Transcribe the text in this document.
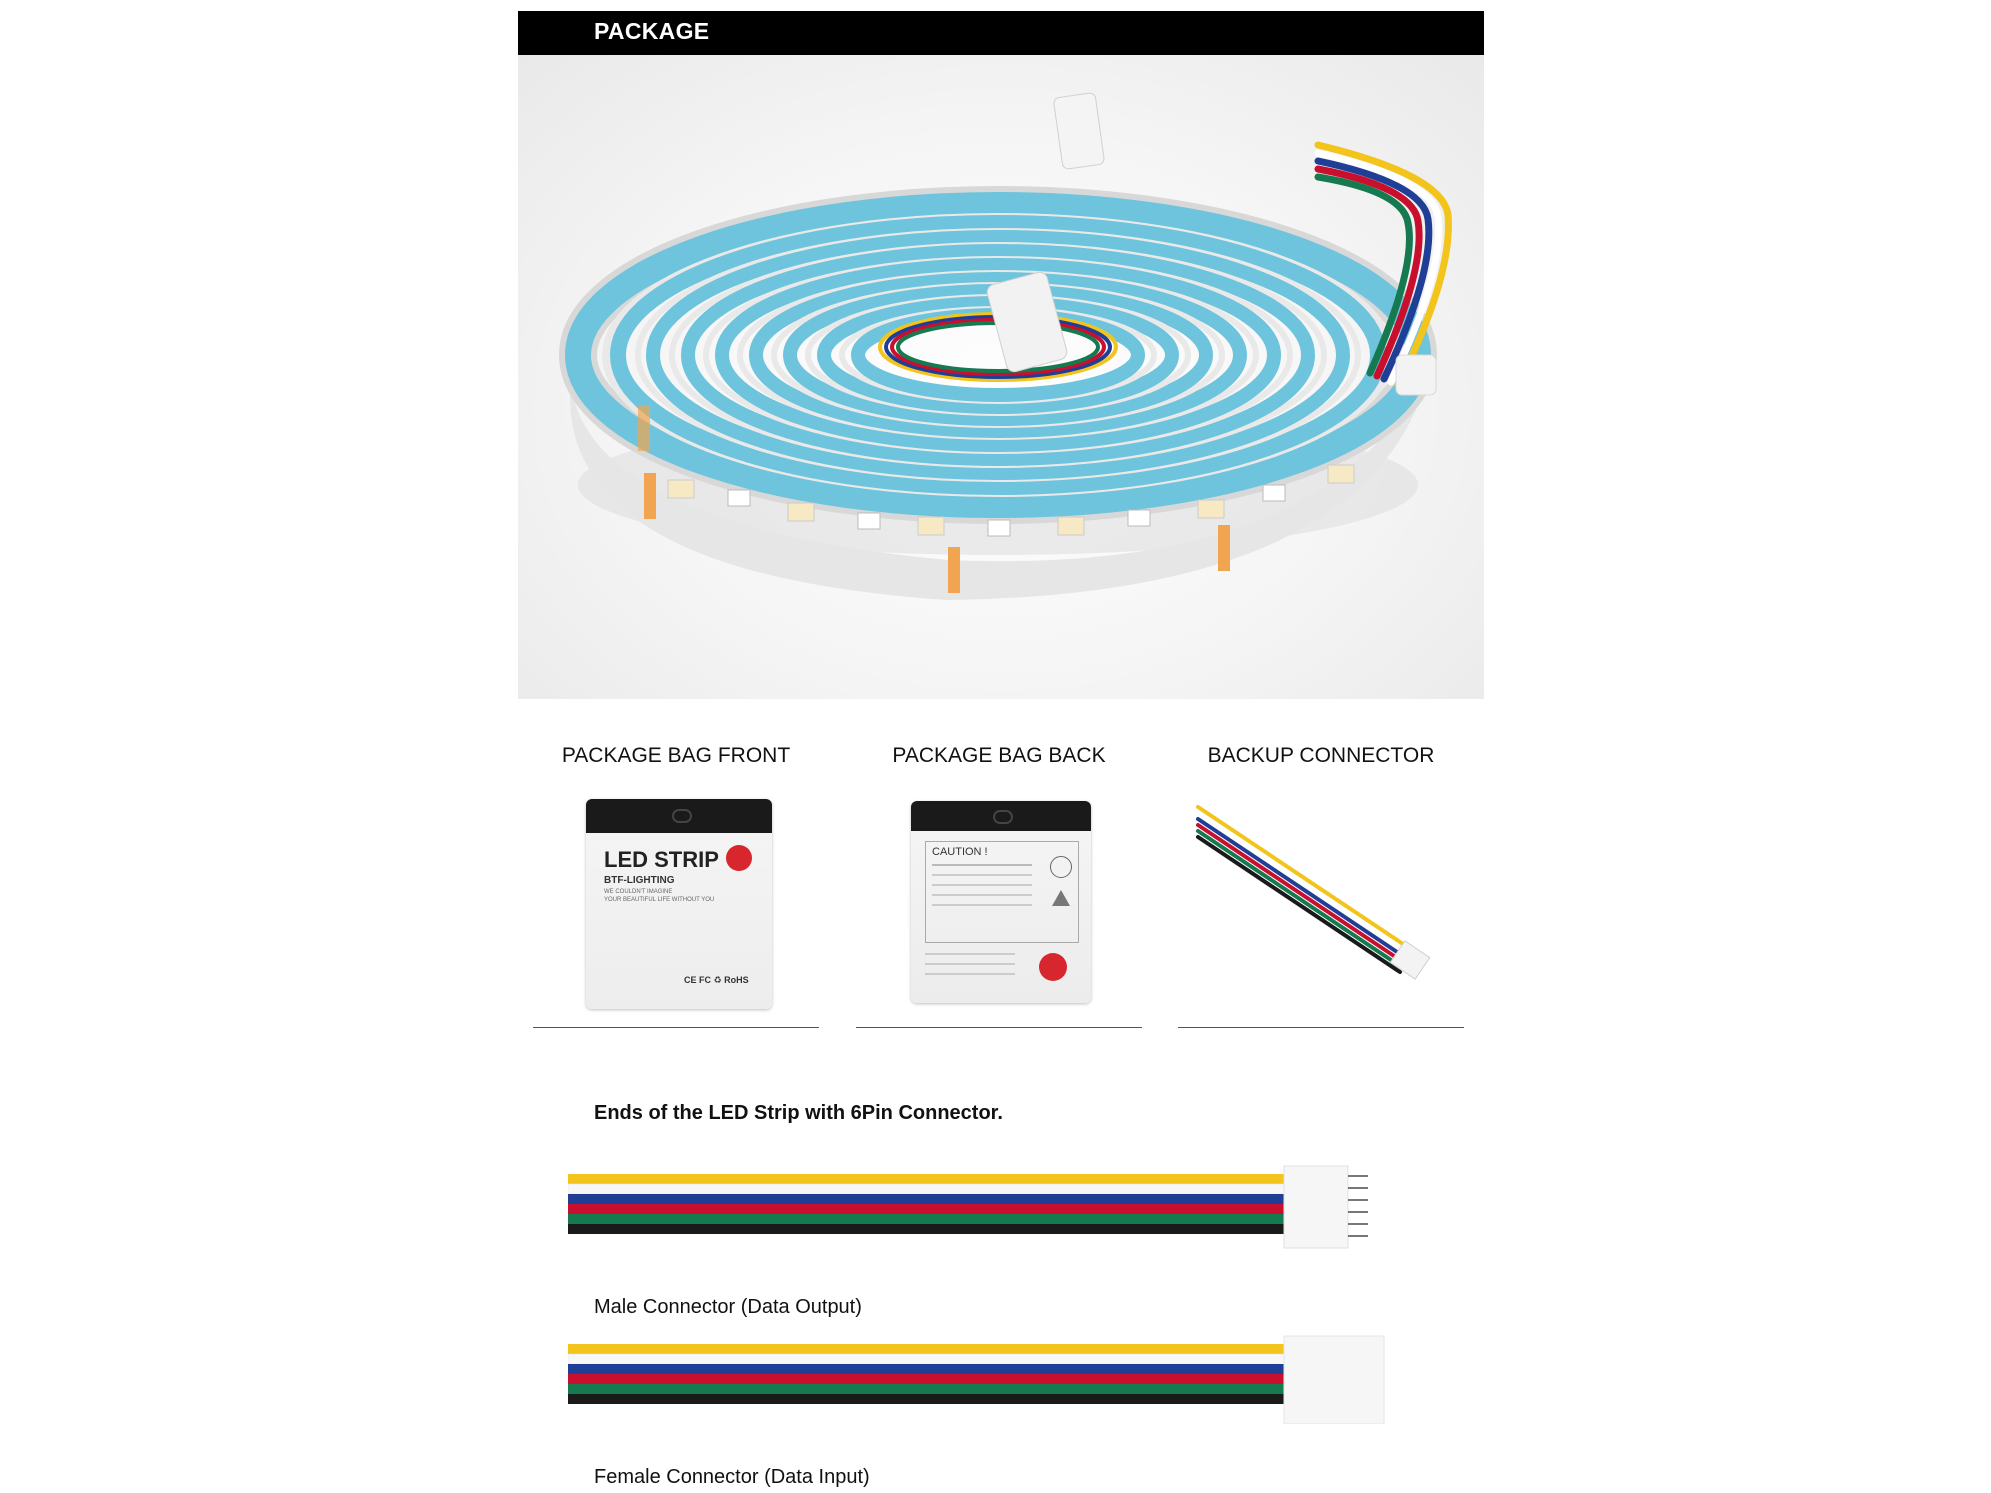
PACKAGE
PACKAGE BAG FRONT	PACKAGE BAG BACK	BACKUP CONNECTOR
LED STRIP
BTF-LIGHTING
WE COULDN'T IMAGINE
YOUR BEAUTIFUL LIFE WITHOUT YOU
CE FC ♻ RoHS
CAUTION !
Ends of the LED Strip with 6Pin Connector.
Male Connector (Data Output)
Female Connector (Data Input)
